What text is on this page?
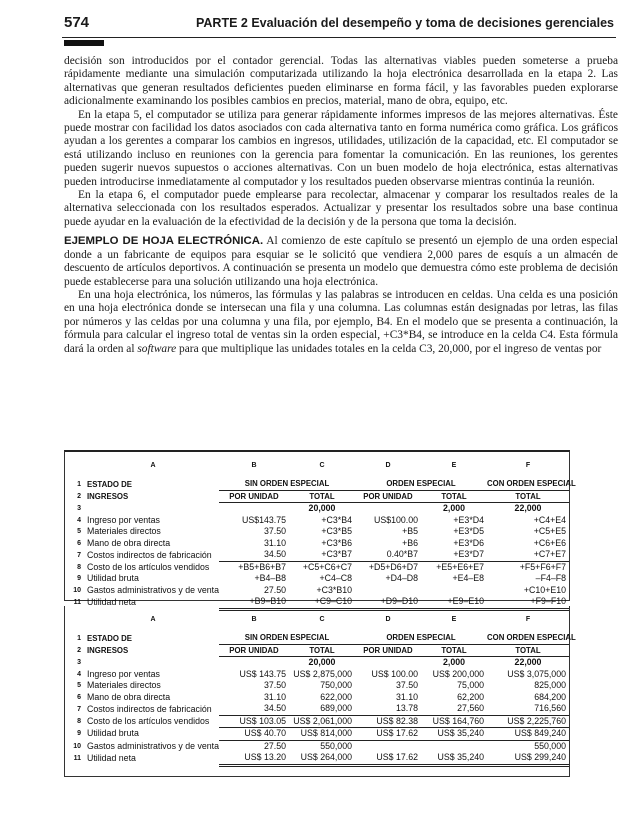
574	PARTE 2 Evaluación del desempeño y toma de decisiones gerenciales

decisión son introducidos por el contador gerencial. Todas las alternativas viables pueden someterse a prueba rápidamente mediante una simulación computarizada utilizando la hoja electrónica desarrollada en la etapa 2. Las alternativas que generan resultados deficientes pueden eliminarse en forma fácil, y las favorables pueden explorarse adicionalmente examinando los posibles cambios en precios, material, mano de obra, equipo, etc.

En la etapa 5, el computador se utiliza para generar rápidamente informes impresos de las mejores alternativas. Éste puede mostrar con facilidad los datos asociados con cada alternativa tanto en forma numérica como gráfica. Los gráficos ayudan a los gerentes a comparar los cambios en ingresos, utilidades, utilización de la capacidad, etc. El computador se está utilizando incluso en reuniones con la gerencia para fomentar la comunicación. En las reuniones, los gerentes pueden sugerir nuevos supuestos o acciones alternativas. Con un buen modelo de hoja electrónica, estas alternativas pueden introducirse inmediatamente al computador y los resultados pueden observarse mientras continúa la reunión.

En la etapa 6, el computador puede emplearse para recolectar, almacenar y comparar los resultados reales de la alternativa seleccionada con los resultados esperados. Actualizar y presentar los resultados sobre una base continua puede ayudar en la evaluación de la efectividad de la decisión y de la persona que toma la decisión.

EJEMPLO DE HOJA ELECTRÓNICA. Al comienzo de este capítulo se presentó un ejemplo de una orden especial donde a un fabricante de equipos para esquiar se le solicitó que vendiera 2,000 pares de esquís a un almacén de descuento de artículos deportivos. A continuación se presenta un modelo que demuestra cómo este problema de decisión puede establecerse para una solución utilizando una hoja electrónica.

En una hoja electrónica, los números, las fórmulas y las palabras se introducen en celdas. Una celda es una posición en una hoja electrónica donde se intersecan una fila y una columna. Las columnas están designadas por letras, las filas por números y las celdas por una columna y una fila, por ejemplo, B4. En el modelo que se presenta a continuación, la fórmula para calcular el ingreso total de ventas sin la orden especial, +C3*B4, se introduce en la celda C4. Esta fórmula dará la orden al software para que multiplique las unidades totales en la celda C3, 20,000, por el ingreso de ventas por

	A	B	C	D	E	F
1	ESTADO DE	SIN ORDEN ESPECIAL		ORDEN ESPECIAL		CON ORDEN ESPECIAL
2	INGRESOS	POR UNIDAD	TOTAL	POR UNIDAD	TOTAL	TOTAL
3			20,000		2,000	22,000
4	Ingreso por ventas	US$143.75	+C3*B4	US$100.00	+E3*D4	+C4+E4
5	Materiales directos	37.50	+C3*B5	+B5	+E3*D5	+C5+E5
6	Mano de obra directa	31.10	+C3*B6	+B6	+E3*D6	+C6+E6
7	Costos indirectos de fabricación	34.50	+C3*B7	0.40*B7	+E3*D7	+C7+E7
8	Costo de los artículos vendidos	+B5+B6+B7	+C5+C6+C7	+D5+D6+D7	+E5+E6+E7	+F5+F6+F7
9	Utilidad bruta	+B4–B8	+C4–C8	+D4–D8	+E4–E8	–F4–F8
10	Gastos administrativos y de venta	27.50	+C3*B10			+C10+E10
11	Utilidad neta	+B9–B10	+C9–C10	+D9–D10	+E9–E10	+F9–F10
	A	B	C	D	E	F
1	ESTADO DE	SIN ORDEN ESPECIAL		ORDEN ESPECIAL		CON ORDEN ESPECIAL
2	INGRESOS	POR UNIDAD	TOTAL	POR UNIDAD	TOTAL	TOTAL
3			20,000		2,000	22,000
4	Ingreso por ventas	US$ 143.75	US$ 2,875,000	US$ 100.00	US$ 200,000	US$ 3,075,000
5	Materiales directos	37.50	750,000	37.50	75,000	825,000
6	Mano de obra directa	31.10	622,000	31.10	62,200	684,200
7	Costos indirectos de fabricación	34.50	689,000	13.78	27,560	716,560
8	Costo de los artículos vendidos	US$ 103.05	US$ 2,061,000	US$ 82.38	US$ 164,760	US$ 2,225,760
9	Utilidad bruta	US$ 40.70	US$ 814,000	US$ 17.62	US$ 35,240	US$ 849,240
10	Gastos administrativos y de venta	27.50	550,000			550,000
11	Utilidad neta	US$ 13.20	US$ 264,000	US$ 17.62	US$ 35,240	US$ 299,240
